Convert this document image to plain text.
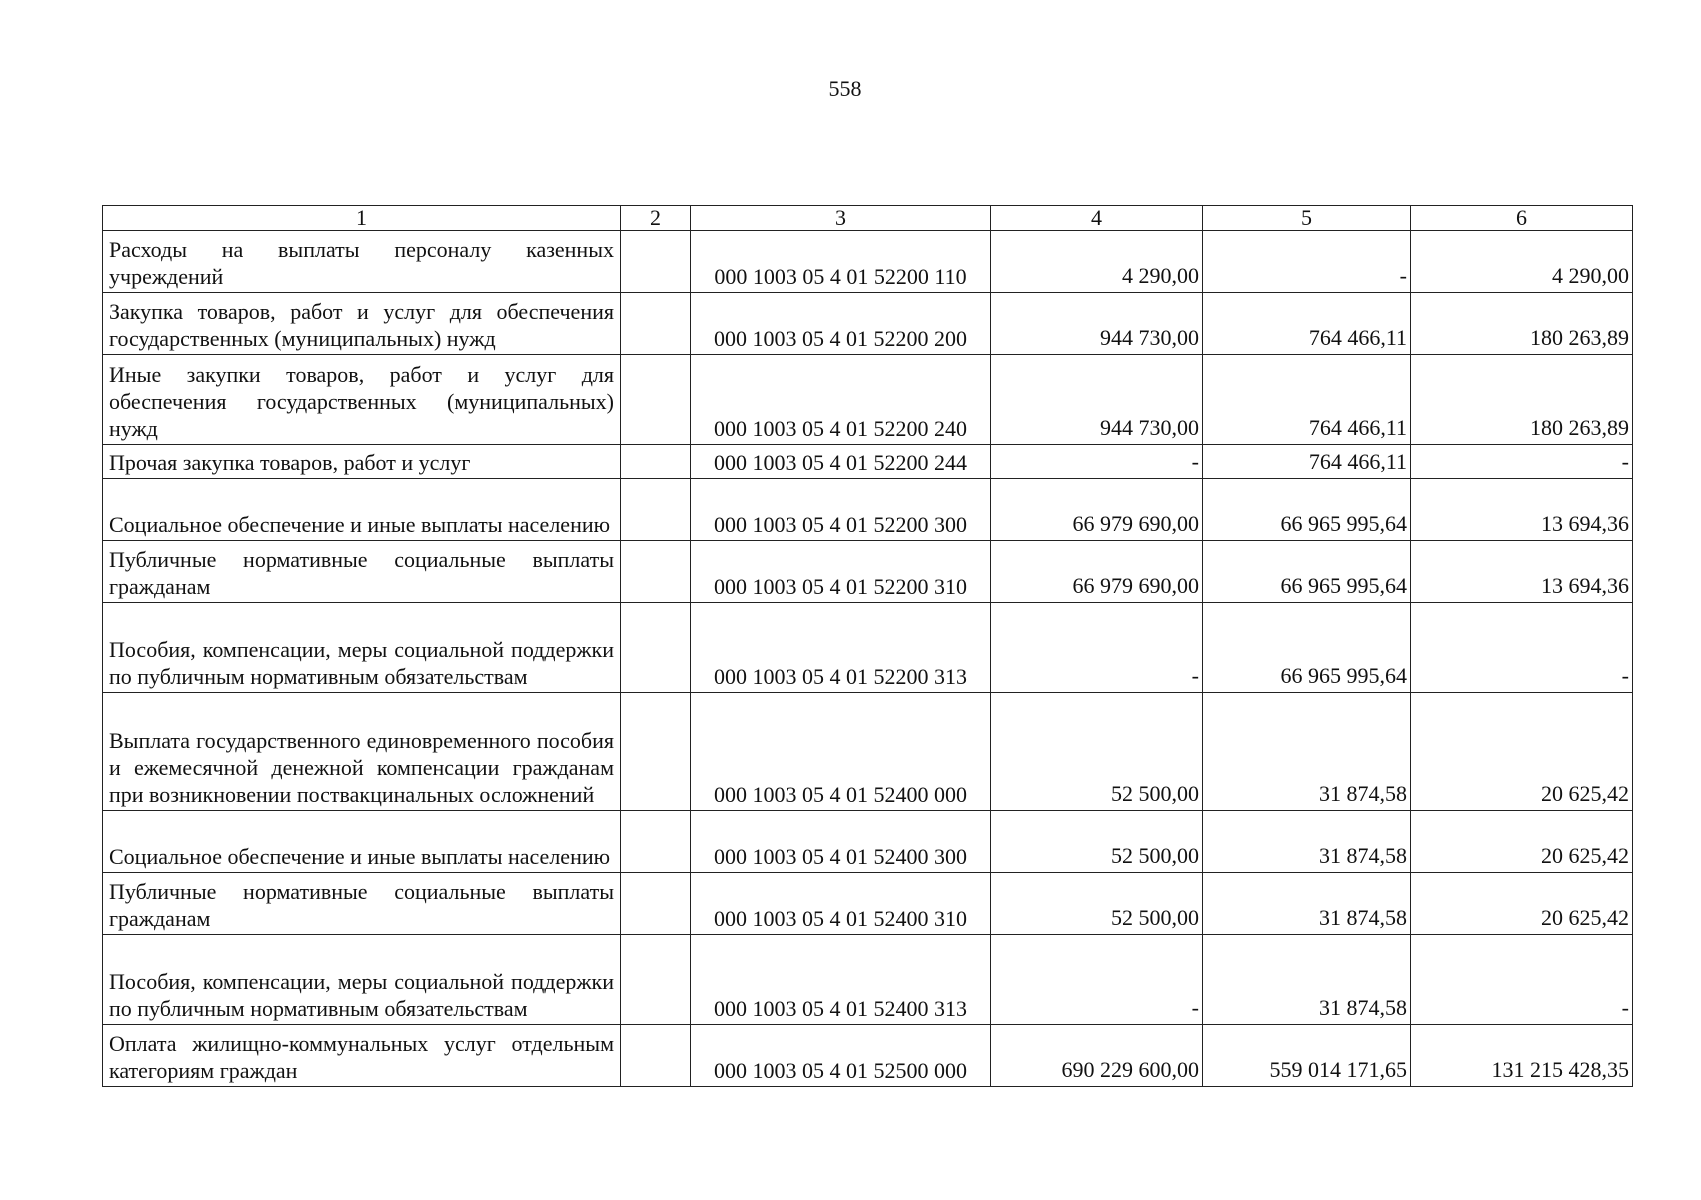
558
1	2	3	4	5	6
Расходы на выплаты персоналу казенных учреждений		000 1003 05 4 01 52200 110	4 290,00	-	4 290,00
Закупка товаров, работ и услуг для обеспечения государственных (муниципальных) нужд		000 1003 05 4 01 52200 200	944 730,00	764 466,11	180 263,89
Иные закупки товаров, работ и услуг для обеспечения государственных (муниципальных) нужд		000 1003 05 4 01 52200 240	944 730,00	764 466,11	180 263,89
Прочая закупка товаров, работ и услуг		000 1003 05 4 01 52200 244	-	764 466,11	-
Социальное обеспечение и иные выплаты населению		000 1003 05 4 01 52200 300	66 979 690,00	66 965 995,64	13 694,36
Публичные нормативные социальные выплаты гражданам		000 1003 05 4 01 52200 310	66 979 690,00	66 965 995,64	13 694,36
Пособия, компенсации, меры социальной поддержки по публичным нормативным обязательствам		000 1003 05 4 01 52200 313	-	66 965 995,64	-
Выплата государственного единовременного пособия и ежемесячной денежной компенсации гражданам при возникновении поствакцинальных осложнений		000 1003 05 4 01 52400 000	52 500,00	31 874,58	20 625,42
Социальное обеспечение и иные выплаты населению		000 1003 05 4 01 52400 300	52 500,00	31 874,58	20 625,42
Публичные нормативные социальные выплаты гражданам		000 1003 05 4 01 52400 310	52 500,00	31 874,58	20 625,42
Пособия, компенсации, меры социальной поддержки по публичным нормативным обязательствам		000 1003 05 4 01 52400 313	-	31 874,58	-
Оплата жилищно-коммунальных услуг отдельным категориям граждан		000 1003 05 4 01 52500 000	690 229 600,00	559 014 171,65	131 215 428,35
